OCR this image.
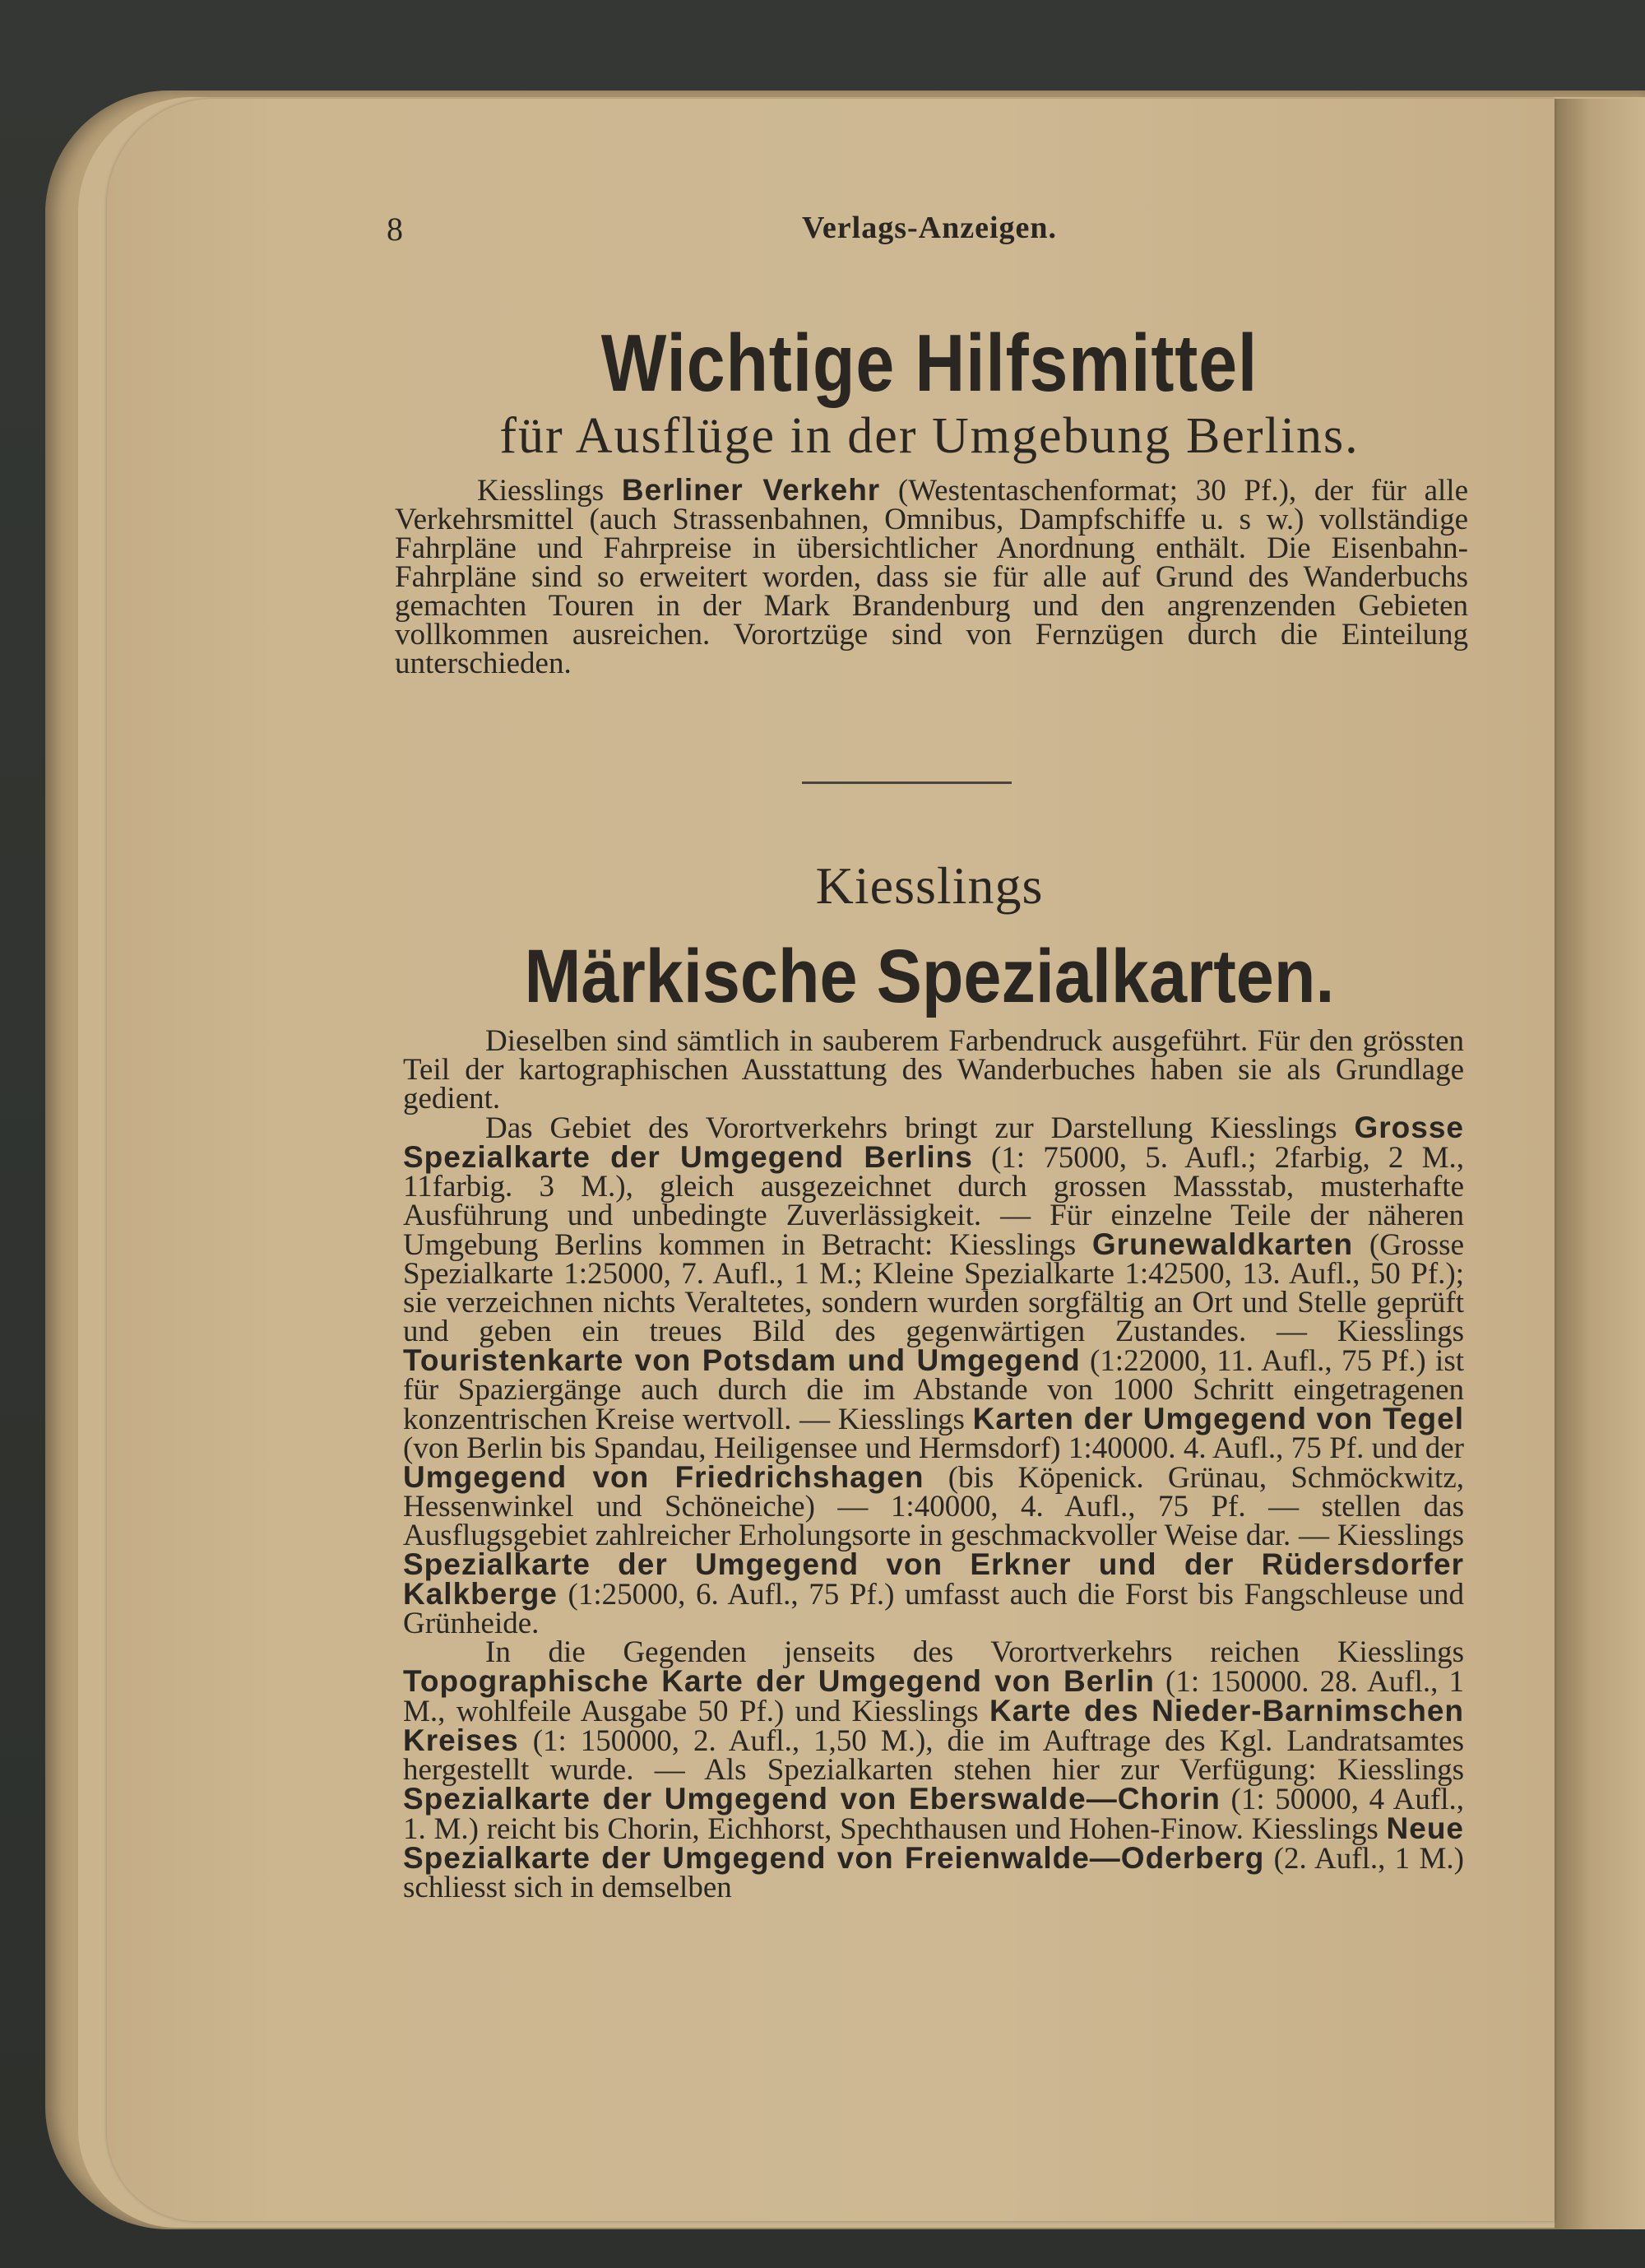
8	Verlags-Anzeigen.
Wichtige Hilfsmittel
für Ausflüge in der Umgebung Berlins.

Kiesslings Berliner Verkehr (Westentaschenformat; 30 Pf.), der für alle Verkehrsmittel (auch Strassenbahnen, Omnibus, Dampfschiffe u. s w.) vollständige Fahrpläne und Fahrpreise in übersichtlicher Anordnung enthält. Die Eisenbahn-Fahrpläne sind so erweitert worden, dass sie für alle auf Grund des Wanderbuchs gemachten Touren in der Mark Brandenburg und den angrenzenden Gebieten vollkommen ausreichen. Vorortzüge sind von Fernzügen durch die Einteilung unterschieden.

Kiesslings
Märkische Spezialkarten.

Dieselben sind sämtlich in sauberem Farbendruck ausgeführt. Für den grössten Teil der kartographischen Ausstattung des Wanderbuches haben sie als Grundlage gedient.

Das Gebiet des Vorortverkehrs bringt zur Darstellung Kiesslings Grosse Spezialkarte der Umgegend Berlins (1: 75000, 5. Aufl.; 2farbig, 2 M., 11farbig. 3 M.), gleich ausgezeichnet durch grossen Massstab, musterhafte Ausführung und unbedingte Zuverlässigkeit. — Für einzelne Teile der näheren Umgebung Berlins kommen in Betracht: Kiesslings Grunewaldkarten (Grosse Spezialkarte 1:25000, 7. Aufl., 1 M.; Kleine Spezialkarte 1:42500, 13. Aufl., 50 Pf.); sie verzeichnen nichts Veraltetes, sondern wurden sorgfältig an Ort und Stelle geprüft und geben ein treues Bild des gegenwärtigen Zustandes. — Kiesslings Touristenkarte von Potsdam und Umgegend (1:22000, 11. Aufl., 75 Pf.) ist für Spaziergänge auch durch die im Abstande von 1000 Schritt eingetragenen konzentrischen Kreise wertvoll. — Kiesslings Karten der Umgegend von Tegel (von Berlin bis Spandau, Heiligensee und Hermsdorf) 1:40000. 4. Aufl., 75 Pf. und der Umgegend von Friedrichshagen (bis Köpenick. Grünau, Schmöckwitz, Hessenwinkel und Schöneiche) — 1:40000, 4. Aufl., 75 Pf. — stellen das Ausflugsgebiet zahlreicher Erholungsorte in geschmackvoller Weise dar. — Kiesslings Spezialkarte der Umgegend von Erkner und der Rüdersdorfer Kalkberge (1:25000, 6. Aufl., 75 Pf.) umfasst auch die Forst bis Fangschleuse und Grünheide.

In die Gegenden jenseits des Vorortverkehrs reichen Kiesslings Topographische Karte der Umgegend von Berlin (1: 150000. 28. Aufl., 1 M., wohlfeile Ausgabe 50 Pf.) und Kiesslings Karte des Nieder-Barnimschen Kreises (1: 150000, 2. Aufl., 1,50 M.), die im Auftrage des Kgl. Landratsamtes hergestellt wurde. — Als Spezialkarten stehen hier zur Verfügung: Kiesslings Spezialkarte der Umgegend von Eberswalde—Chorin (1: 50000, 4 Aufl., 1. M.) reicht bis Chorin, Eichhorst, Spechthausen und Hohen-Finow. Kiesslings Neue Spezialkarte der Umgegend von Freienwalde—Oderberg (2. Aufl., 1 M.) schliesst sich in demselben
